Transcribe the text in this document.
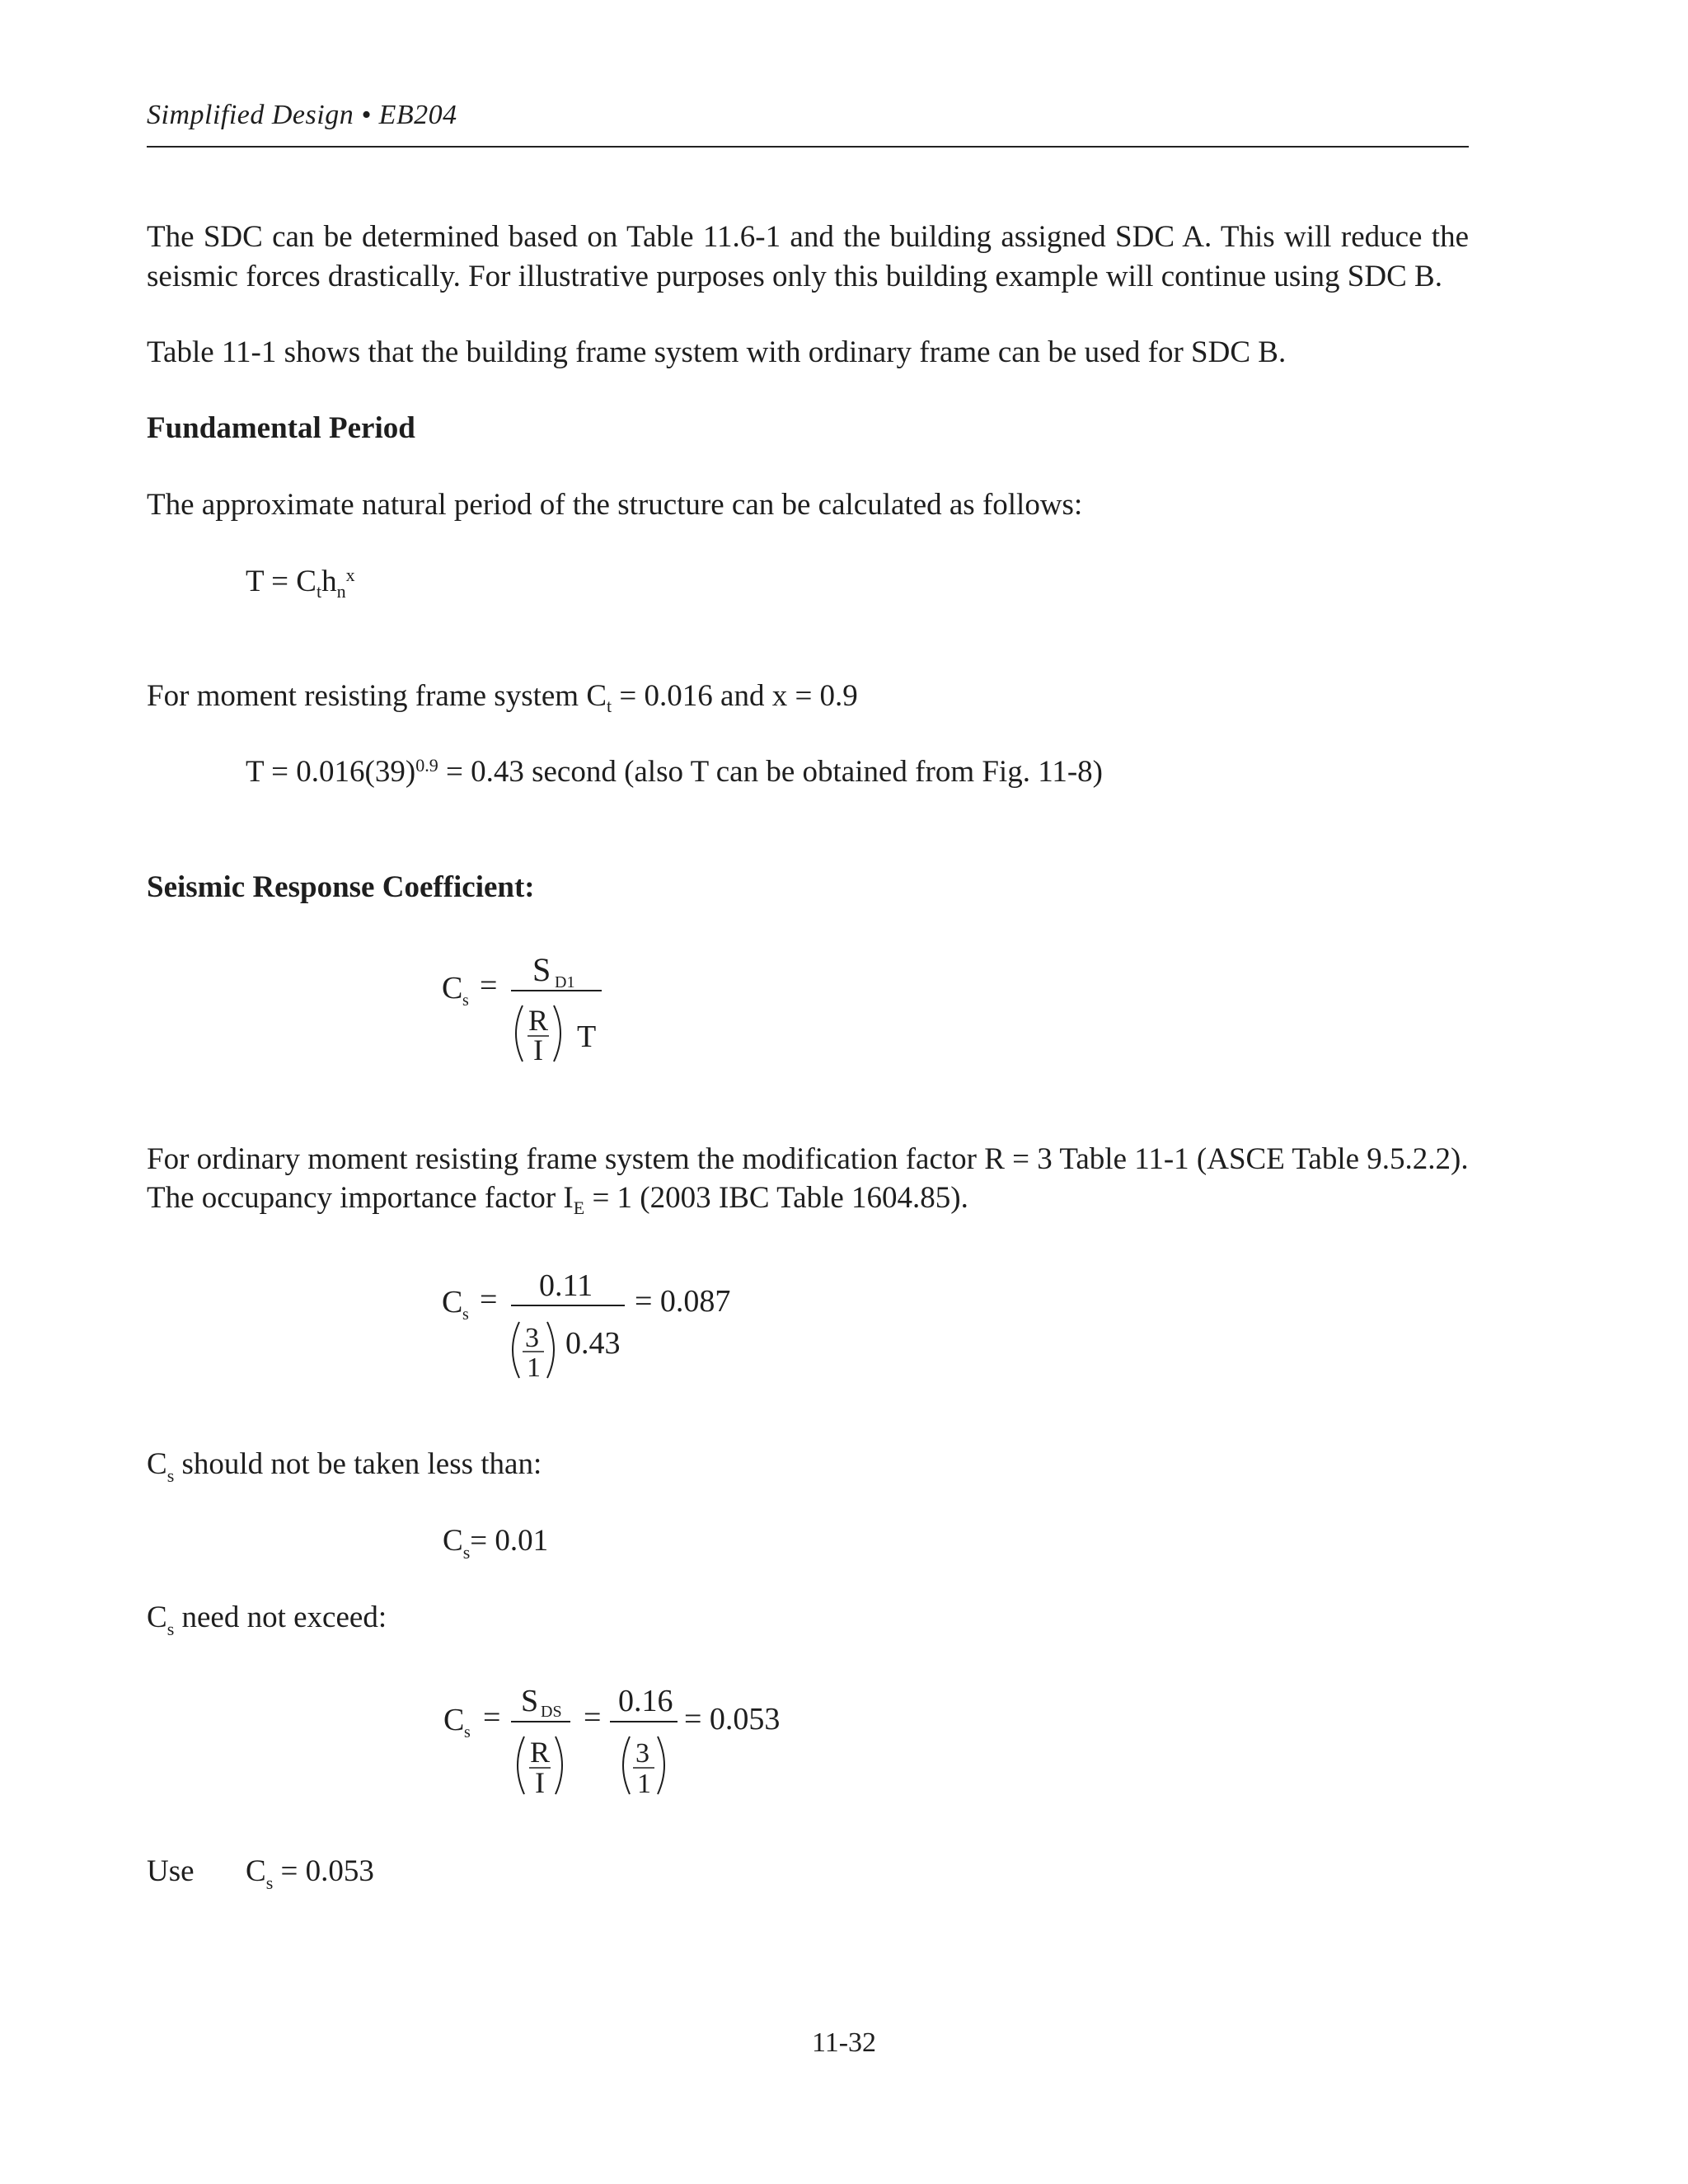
Simplified Design • EB204
The SDC can be determined based on Table 11.6-1 and the building assigned SDC A. This will reduce the seismic forces drastically. For illustrative purposes only this building example will continue using SDC B.
Table 11-1 shows that the building frame system with ordinary frame can be used for SDC B.
Fundamental Period
The approximate natural period of the structure can be calculated as follows:
$T = C_th_n^x$
For moment resisting frame system $C_t = 0.016$ and x = 0.9
$T = 0.016(39)^{0.9} = 0.43$ second (also T can be obtained from Fig. 11-8)
Seismic Response Coefficient:
C s = S D1
R
I T
For ordinary moment resisting frame system the modification factor R = 3 Table 11-1 (ASCE Table 9.5.2.2).
The occupancy importance factor $I_E = 1$ (2003 IBC Table 1604.85).
C s = 0.11
3
1
0.43
= 0.087
$C_s$ should not be taken less than:
$C_s= 0.01$
$C_s$ need not exceed:
C s = S DS
R
I
= 0.16
3
1
= 0.053
Use $C_s = 0.053$
11-32
